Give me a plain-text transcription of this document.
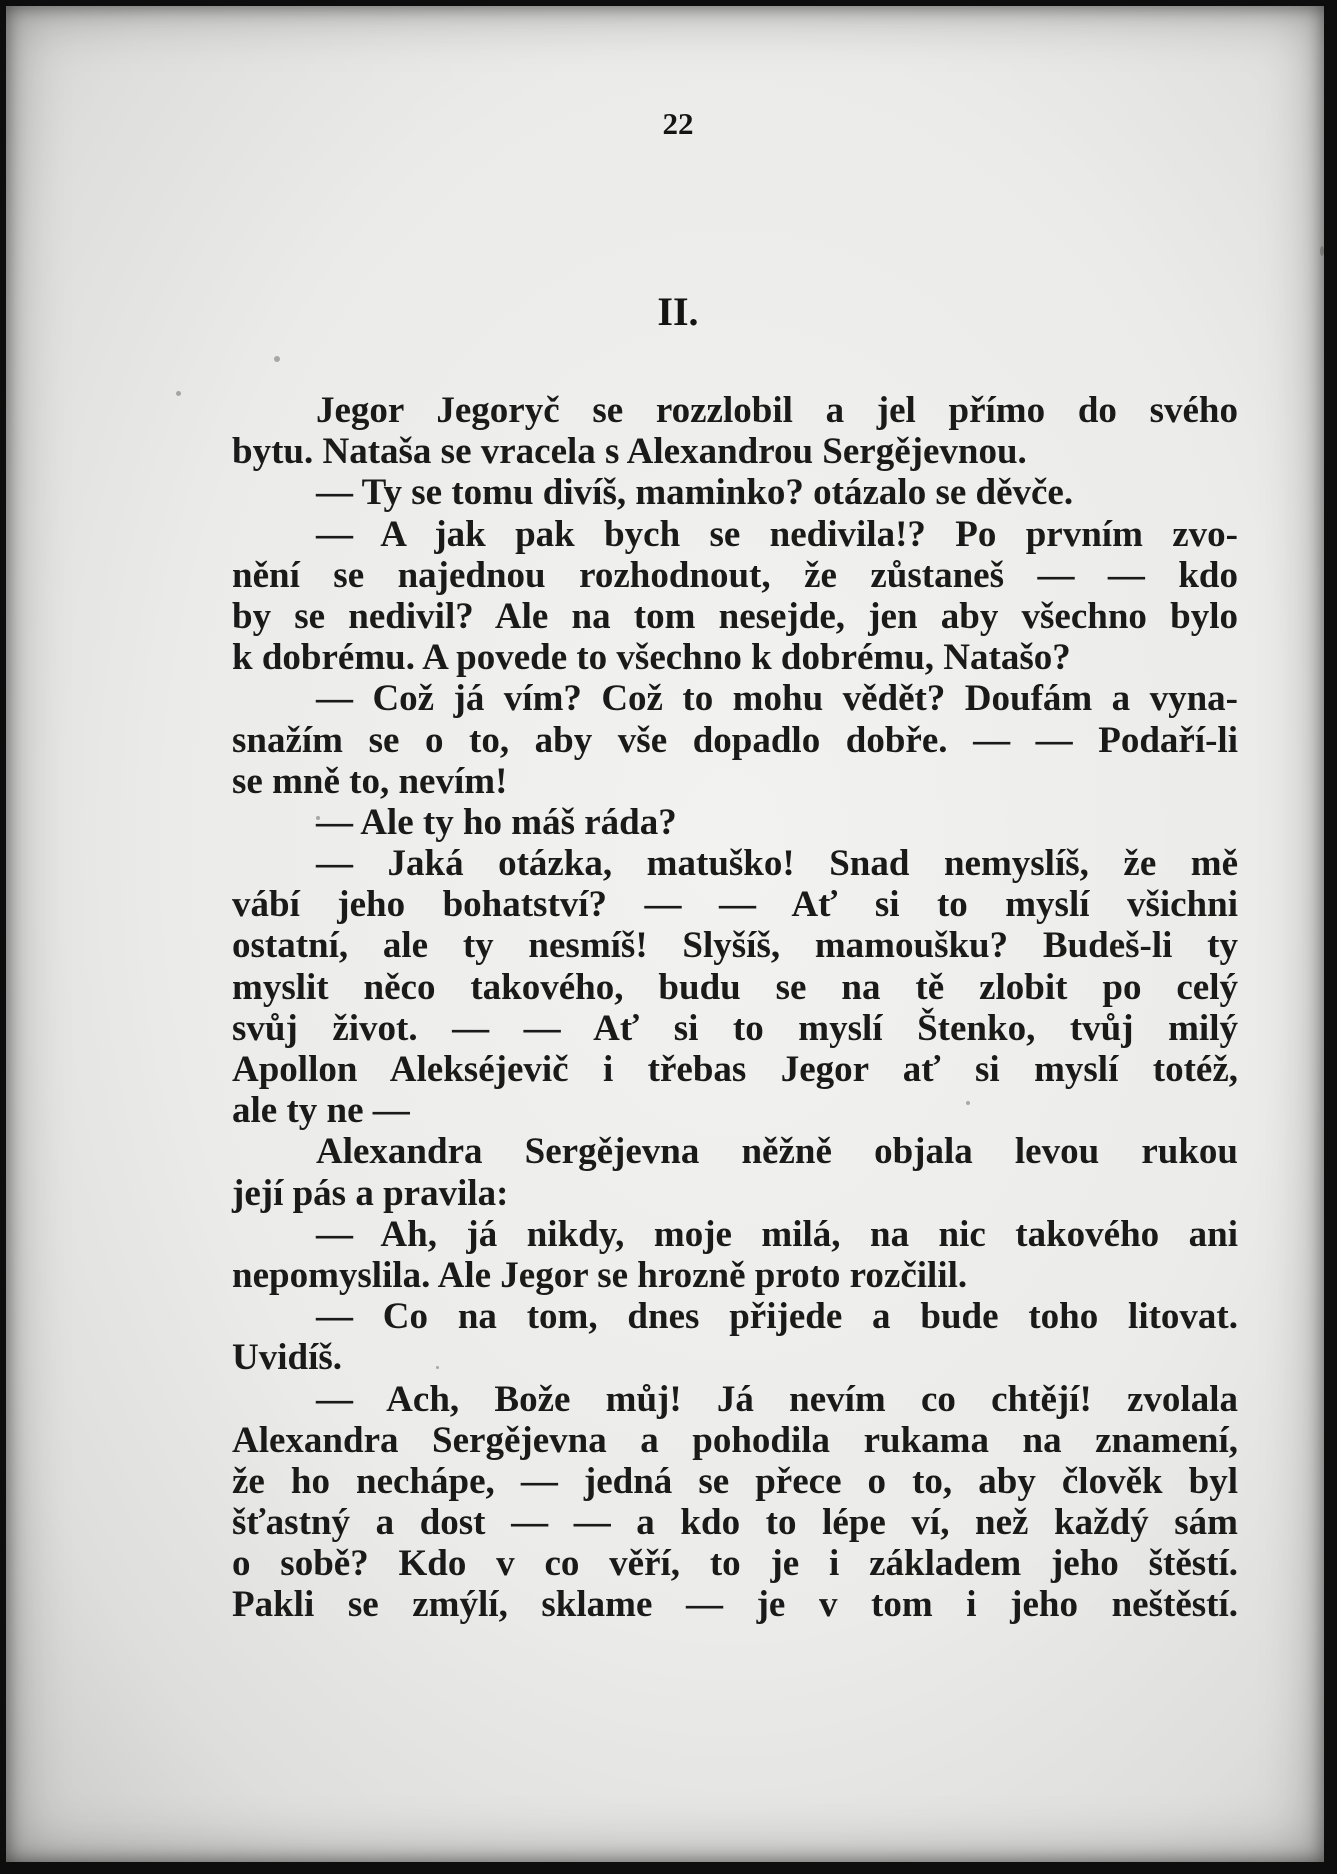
22
II.
Jegor Jegoryč se rozzlobil a jel přímo do svého
bytu. Nataša se vracela s Alexandrou Sergějevnou.
— Ty se tomu divíš, maminko? otázalo se děvče.
— A jak pak bych se nedivila!? Po prvním zvo-
nění se najednou rozhodnout, že zůstaneš — — kdo
by se nedivil? Ale na tom nesejde, jen aby všechno bylo
k dobrému. A povede to všechno k dobrému, Natašo?
— Což já vím? Což to mohu vědět? Doufám a vyna-
snažím se o to, aby vše dopadlo dobře. — — Podaří-li
se mně to, nevím!
— Ale ty ho máš ráda?
— Jaká otázka, matuško! Snad nemyslíš, že mě
vábí jeho bohatství? — — Ať si to myslí všichni
ostatní, ale ty nesmíš! Slyšíš, mamoušku? Budeš-li ty
myslit něco takového, budu se na tě zlobit po celý
svůj život. — — Ať si to myslí Štenko, tvůj milý
Apollon Alekséjevič i třebas Jegor ať si myslí totéž,
ale ty ne —
Alexandra Sergějevna něžně objala levou rukou
její pás a pravila:
— Ah, já nikdy, moje milá, na nic takového ani
nepomyslila. Ale Jegor se hrozně proto rozčilil.
— Co na tom, dnes přijede a bude toho litovat.
Uvidíš.
— Ach, Bože můj! Já nevím co chtějí! zvolala
Alexandra Sergějevna a pohodila rukama na znamení,
že ho nechápe, — jedná se přece o to, aby člověk byl
šťastný a dost — — a kdo to lépe ví, než každý sám
o sobě? Kdo v co věří, to je i základem jeho štěstí.
Pakli se zmýlí, sklame — je v tom i jeho neštěstí.
